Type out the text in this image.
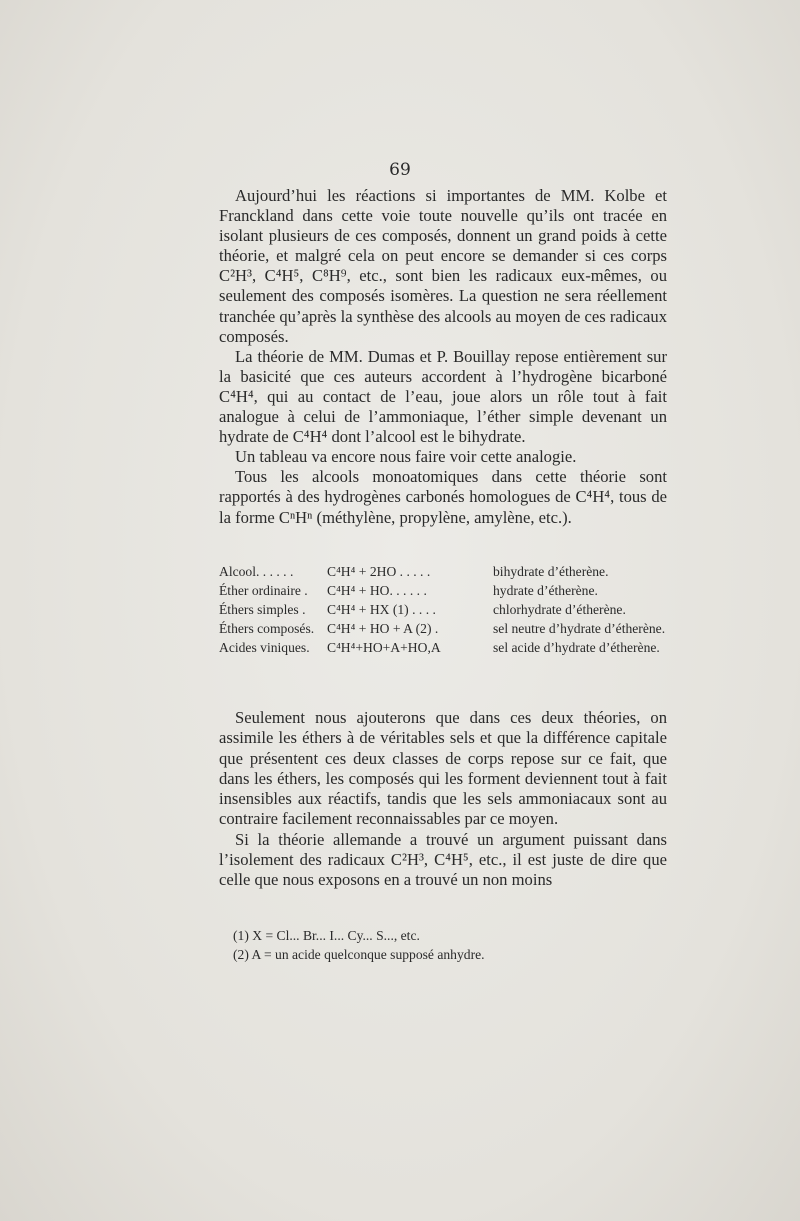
69

Aujourd’hui les réactions si importantes de MM. Kolbe et Franckland dans cette voie toute nouvelle qu’ils ont tracée en isolant plusieurs de ces composés, donnent un grand poids à cette théorie, et malgré cela on peut encore se demander si ces corps C²H³, C⁴H⁵, C⁸H⁹, etc., sont bien les radicaux eux-mêmes, ou seulement des composés isomères. La question ne sera réellement tranchée qu’après la synthèse des alcools au moyen de ces radicaux composés.

La théorie de MM. Dumas et P. Bouillay repose entièrement sur la basicité que ces auteurs accordent à l’hydrogène bicarboné C⁴H⁴, qui au contact de l’eau, joue alors un rôle tout à fait analogue à celui de l’ammoniaque, l’éther simple devenant un hydrate de C⁴H⁴ dont l’alcool est le bihydrate.

Un tableau va encore nous faire voir cette analogie.

Tous les alcools monoatomiques dans cette théorie sont rapportés à des hydrogènes carbonés homologues de C⁴H⁴, tous de la forme CⁿHⁿ (méthylène, propylène, amylène, etc.).

Alcool. . . . . .	C⁴H⁴ + 2HO . . . . .	bihydrate d’étherène.
Éther ordinaire .	C⁴H⁴ + HO. . . . . .	hydrate d’étherène.
Éthers simples .	C⁴H⁴ + HX (1) . . . .	chlorhydrate d’étherène.
Éthers composés. C⁴H⁴ + HO + A (2) .	sel neutre d’hydrate d’étherène.
Acides viniques.	C⁴H⁴+HO+A+HO,A	sel acide d’hydrate d’étherène.

Seulement nous ajouterons que dans ces deux théories, on assimile les éthers à de véritables sels et que la différence capitale que présentent ces deux classes de corps repose sur ce fait, que dans les éthers, les composés qui les forment deviennent tout à fait insensibles aux réactifs, tandis que les sels ammoniacaux sont au contraire facilement reconnaissables par ce moyen.

Si la théorie allemande a trouvé un argument puissant dans l’isolement des radicaux C²H³, C⁴H⁵, etc., il est juste de dire que celle que nous exposons en a trouvé un non moins

(1) X = Cl... Br... I... Cy... S..., etc.
(2) A = un acide quelconque supposé anhydre.
